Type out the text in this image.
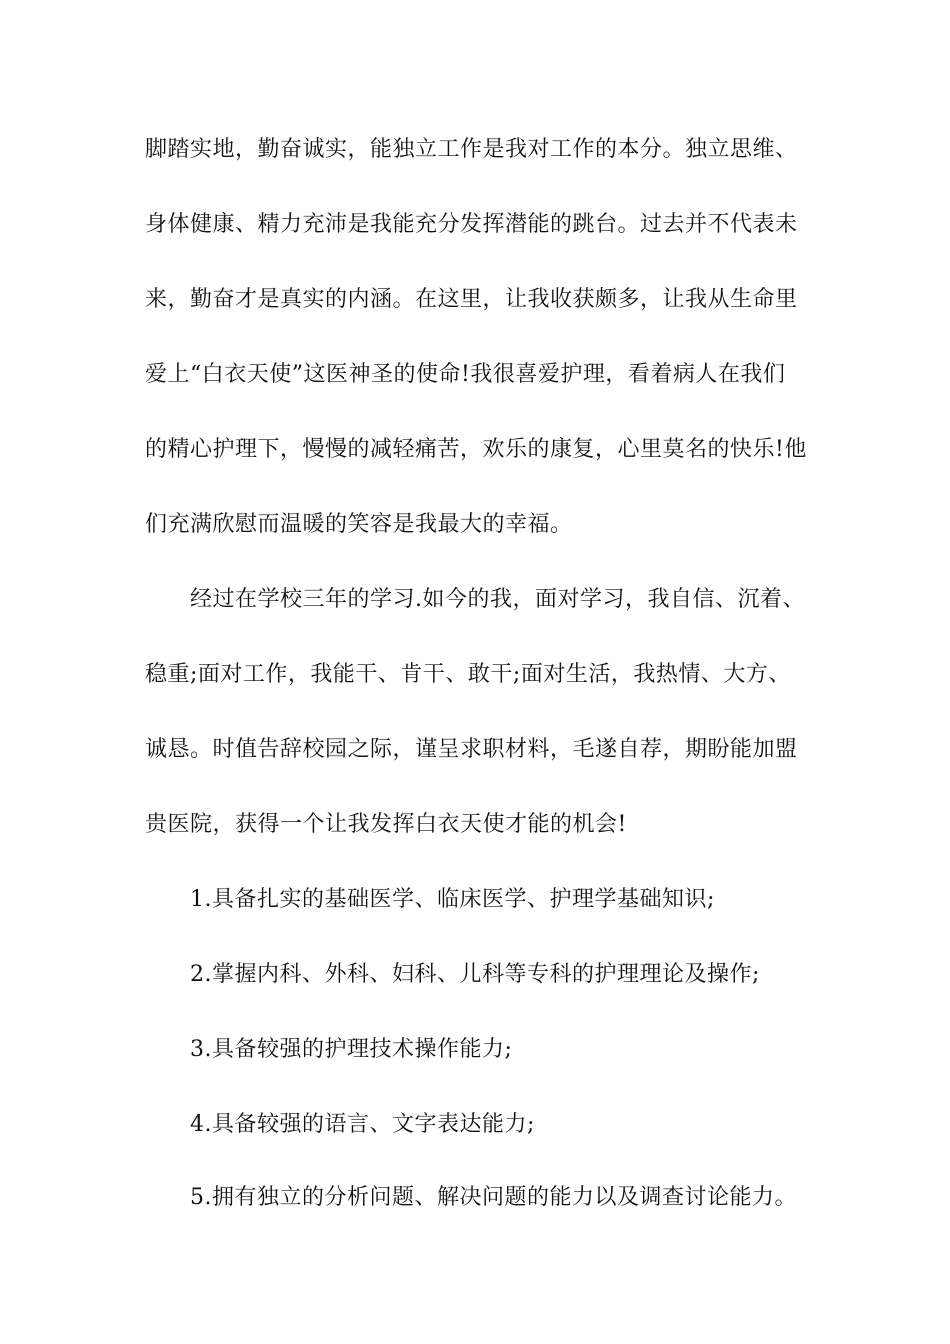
脚踏实地，勤奋诚实，能独立工作是我对工作的本分。独立思维、
身体健康、精力充沛是我能充分发挥潜能的跳台。过去并不代表未
来，勤奋才是真实的内涵。在这里，让我收获颇多，让我从生命里
爱上“白衣天使”这医神圣的使命!我很喜爱护理，看着病人在我们
的精心护理下，慢慢的减轻痛苦，欢乐的康复，心里莫名的快乐!他
们充满欣慰而温暖的笑容是我最大的幸福。
经过在学校三年的学习.如今的我，面对学习，我自信、沉着、
稳重;面对工作，我能干、肯干、敢干;面对生活，我热情、大方、
诚恳。时值告辞校园之际，谨呈求职材料，毛遂自荐，期盼能加盟
贵医院，获得一个让我发挥白衣天使才能的机会!
1.具备扎实的基础医学、临床医学、护理学基础知识;
2.掌握内科、外科、妇科、儿科等专科的护理理论及操作;
3.具备较强的护理技术操作能力;
4.具备较强的语言、文字表达能力;
5.拥有独立的分析问题、解决问题的能力以及调查讨论能力。
